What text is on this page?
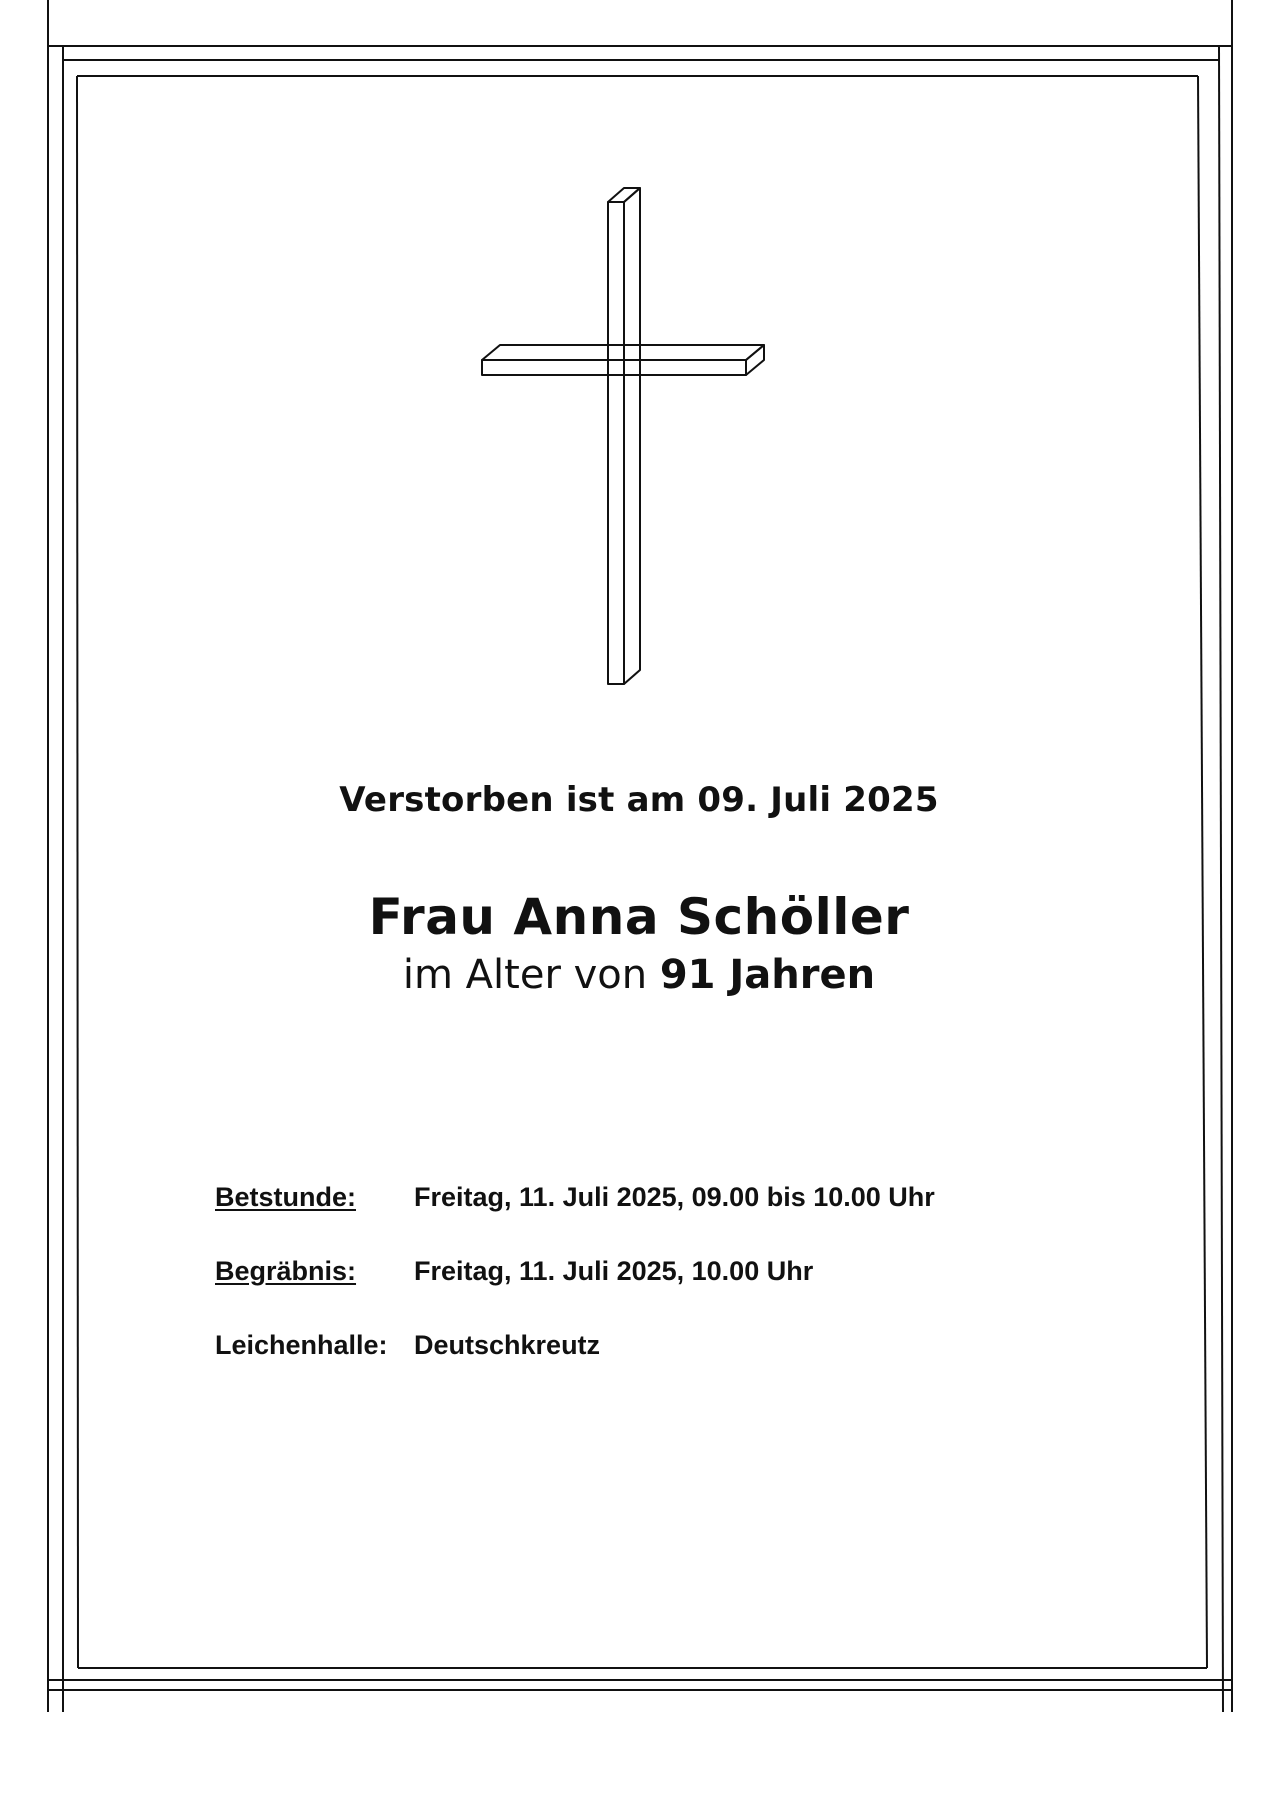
Verstorben ist am 09. Juli 2025
Frau Anna Schöller
im Alter von 91 Jahren
Betstunde: Freitag, 11. Juli 2025, 09.00 bis 10.00 Uhr
Begräbnis: Freitag, 11. Juli 2025, 10.00 Uhr
Leichenhalle: Deutschkreutz
